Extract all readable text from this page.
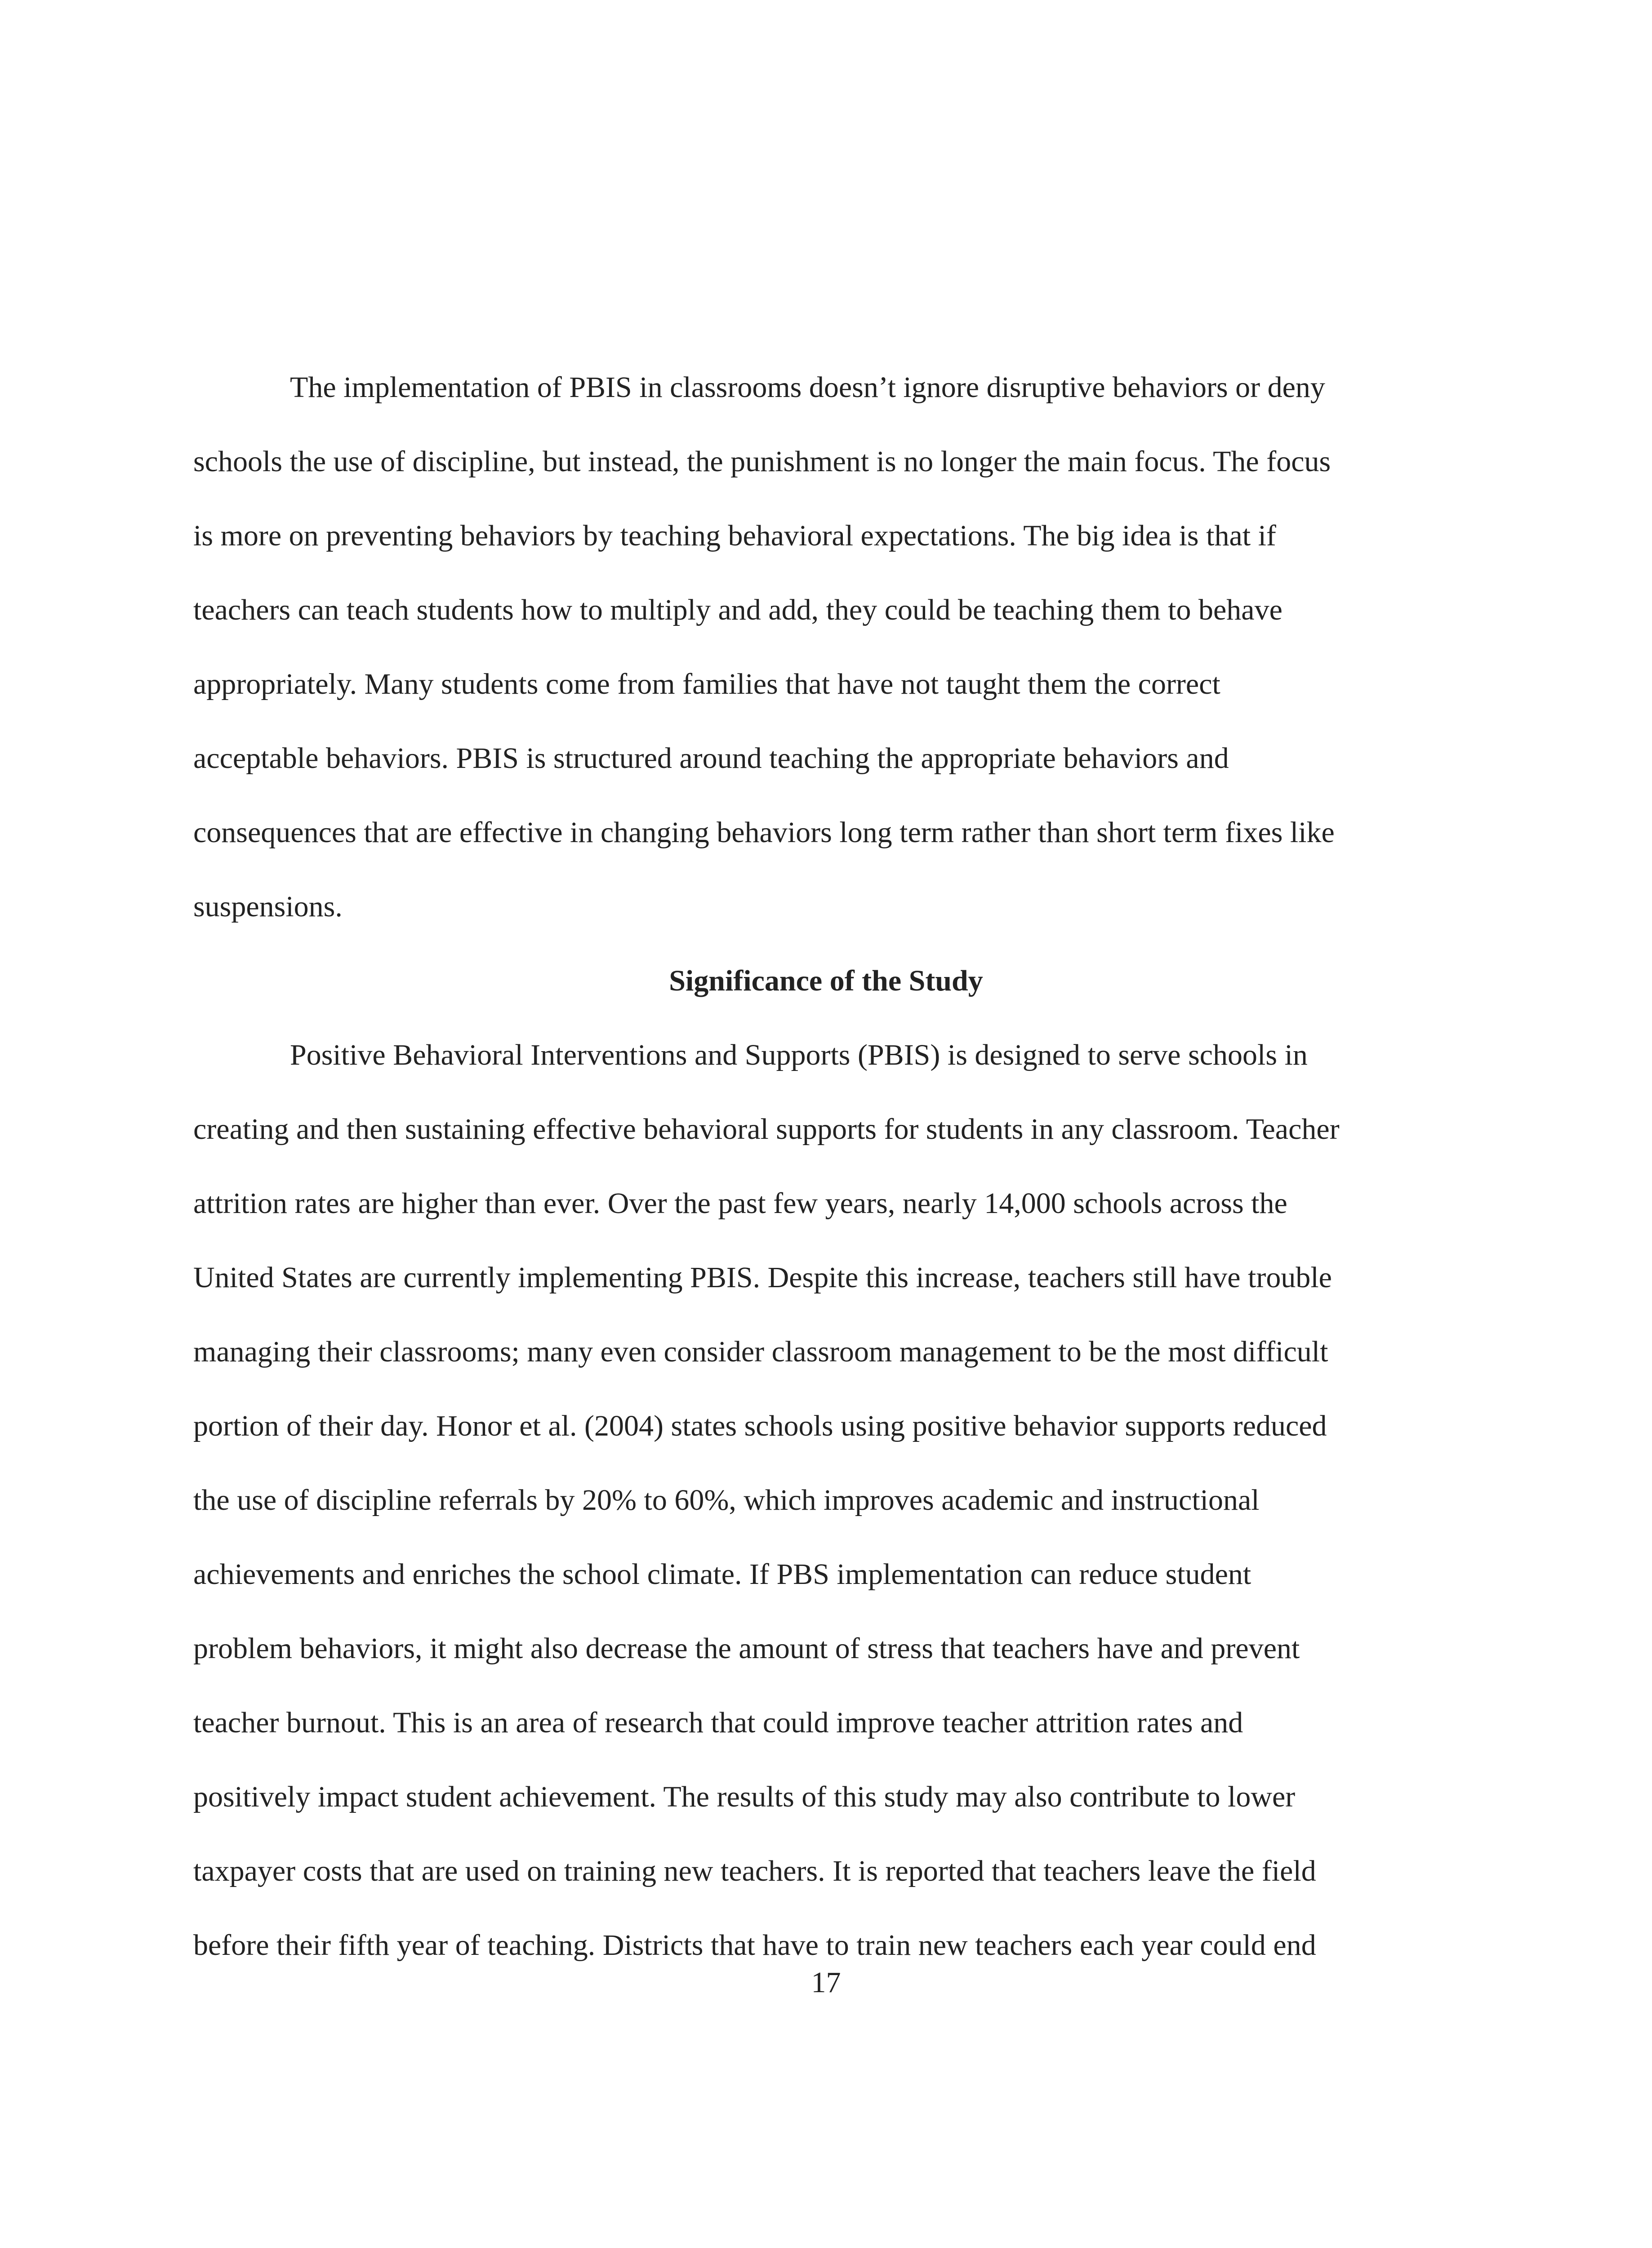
The implementation of PBIS in classrooms doesn’t ignore disruptive behaviors or deny
schools the use of discipline, but instead, the punishment is no longer the main focus. The focus
is more on preventing behaviors by teaching behavioral expectations. The big idea is that if
teachers can teach students how to multiply and add, they could be teaching them to behave
appropriately. Many students come from families that have not taught them the correct
acceptable behaviors. PBIS is structured around teaching the appropriate behaviors and
consequences that are effective in changing behaviors long term rather than short term fixes like
suspensions.
Significance of the Study
Positive Behavioral Interventions and Supports (PBIS) is designed to serve schools in
creating and then sustaining effective behavioral supports for students in any classroom. Teacher
attrition rates are higher than ever. Over the past few years, nearly 14,000 schools across the
United States are currently implementing PBIS. Despite this increase, teachers still have trouble
managing their classrooms; many even consider classroom management to be the most difficult
portion of their day. Honor et al. (2004) states schools using positive behavior supports reduced
the use of discipline referrals by 20% to 60%, which improves academic and instructional
achievements and enriches the school climate. If PBS implementation can reduce student
problem behaviors, it might also decrease the amount of stress that teachers have and prevent
teacher burnout. This is an area of research that could improve teacher attrition rates and
positively impact student achievement. The results of this study may also contribute to lower
taxpayer costs that are used on training new teachers. It is reported that teachers leave the field
before their fifth year of teaching. Districts that have to train new teachers each year could end
17
